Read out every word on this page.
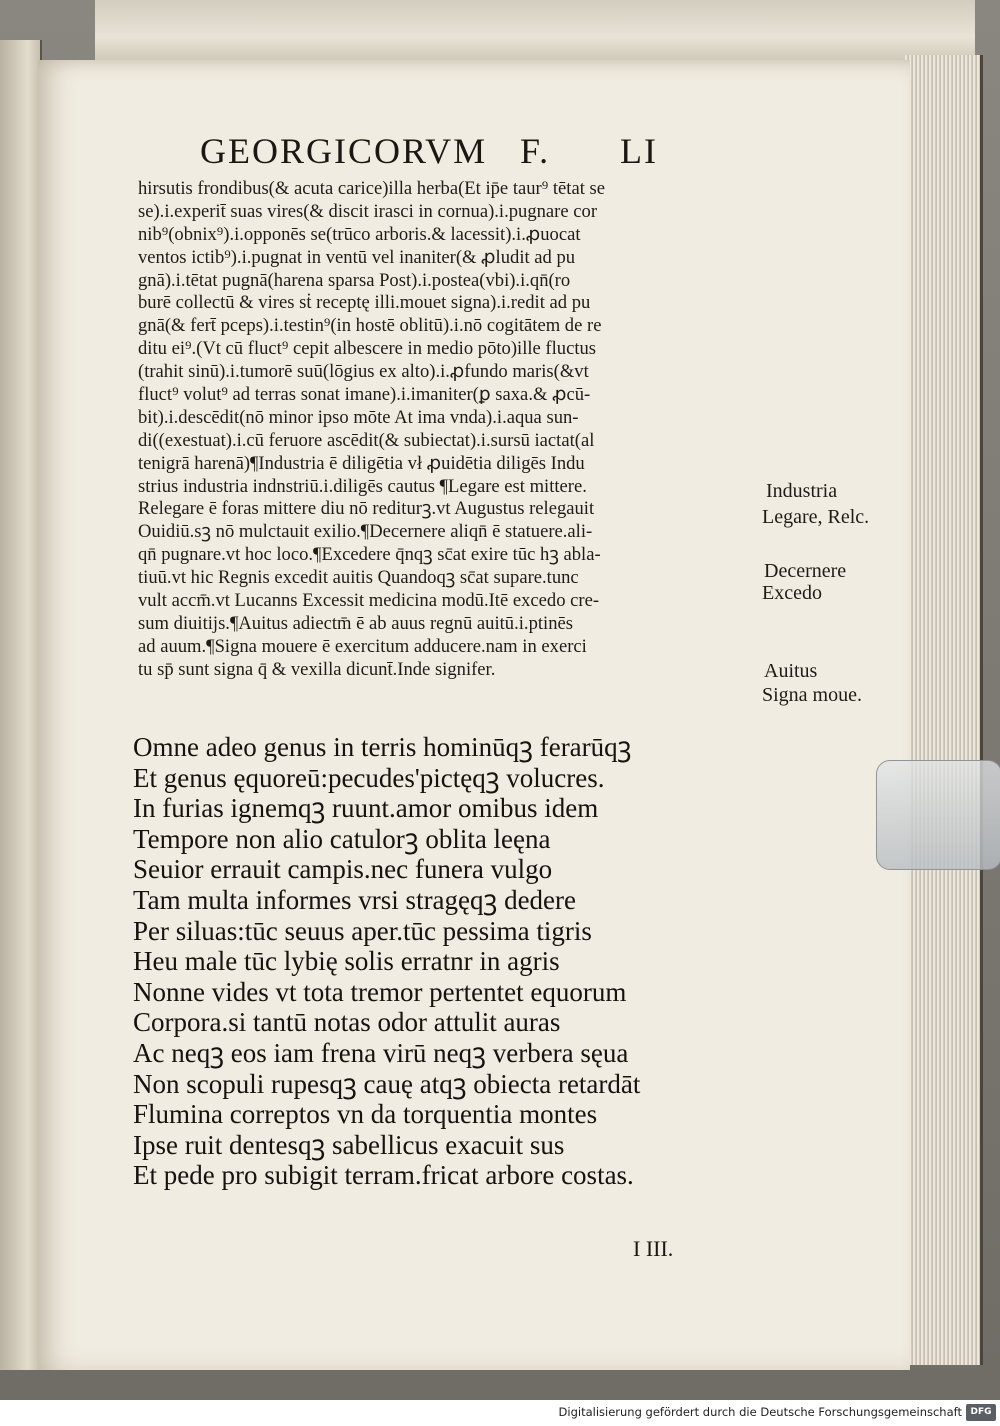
GEORGICORVM F. LI
hirsutis frondibus(& acuta carice)illa herba(Et ip̄e taur⁹ tētat se
se).i.experit̄ suas vires(& discit irasci in cornua).i.pugnare cor
nib⁹(obnix⁹).i.opponēs se(trūco arboris.& lacessit).i.ꝓuocat
ventos ictib⁹).i.pugnat in ventū vel inaniter(& ꝓludit ad pu
gnā).i.tētat pugnā(harena sparsa Post).i.postea(vbi).i.qn̄(ro
burē collectū & vires sṫ receptę illi.mouet signa).i.redit ad pu
gnā(& fert̄ pceps).i.testin⁹(in hostē oblitū).i.nō cogitātem de re
ditu ei⁹.(Vt cū fluct⁹ cepit albescere in medio pōto)ille fluctus
(trahit sinū).i.tumorē suū(lōgius ex alto).i.ꝓfundo maris(&vt
fluct⁹ volut⁹ ad terras sonat imane).i.imaniter(ꝑ saxa.& ꝓcū-
bit).i.descēdit(nō minor ipso mōte At ima vnda).i.aqua sun-
di((exestuat).i.cū feruore ascēdit(& subiectat).i.sursū iactat(al
tenigrā harenā)¶Industria ē diligētia vł ꝓuidētia diligēs Indu
strius industria indnstriū.i.diligēs cautus ¶Legare est mittere.
Relegare ē foras mittere diu nō rediturꝫ.vt Augustus relegauit
Ouidiū.sꝫ nō mulctauit exilio.¶Decernere aliqn̄ ē statuere.ali-
qn̄ pugnare.vt hoc loco.¶Excedere q̄nqꝫ sc̄at exire tūc hꝫ abla-
tiuū.vt hic Regnis excedit auitis Quandoqꝫ sc̄at supare.tunc
vult accm̄.vt Lucanns Excessit medicina modū.Itē excedo cre-
sum diuitijs.¶Auitus adiectm̄ ē ab auus regnū auitū.i.ptinēs
ad auum.¶Signa mouere ē exercitum adducere.nam in exerci
tu sp̄ sunt signa q̄ & vexilla dicunt̄.Inde signifer.
Industria
Legare, Relc.
Decernere
Excedo
Auitus
Signa moue.
Omne adeo genus in terris hominūqꝫ ferarūqꝫ
Et genus ęquoreū:pecudes'pictęqꝫ volucres.
In furias ignemqꝫ ruunt.amor omibus idem
Tempore non alio catulorꝫ oblita leęna
Seuior errauit campis.nec funera vulgo
Tam multa informes vrsi stragęqꝫ dedere
Per siluas:tūc seuus aper.tūc pessima tigris
Heu male tūc lybię solis erratnr in agris
Nonne vides vt tota tremor pertentet equorum
Corpora.si tantū notas odor attulit auras
Ac neqꝫ eos iam frena virū neqꝫ verbera sęua
Non scopuli rupesqꝫ cauę atqꝫ obiecta retardāt
Flumina correptos vn da torquentia montes
Ipse ruit dentesqꝫ sabellicus exacuit sus
Et pede pro subigit terram.fricat arbore costas.
I III.
Digitalisierung gefördert durch die Deutsche Forschungsgemeinschaft DFG
